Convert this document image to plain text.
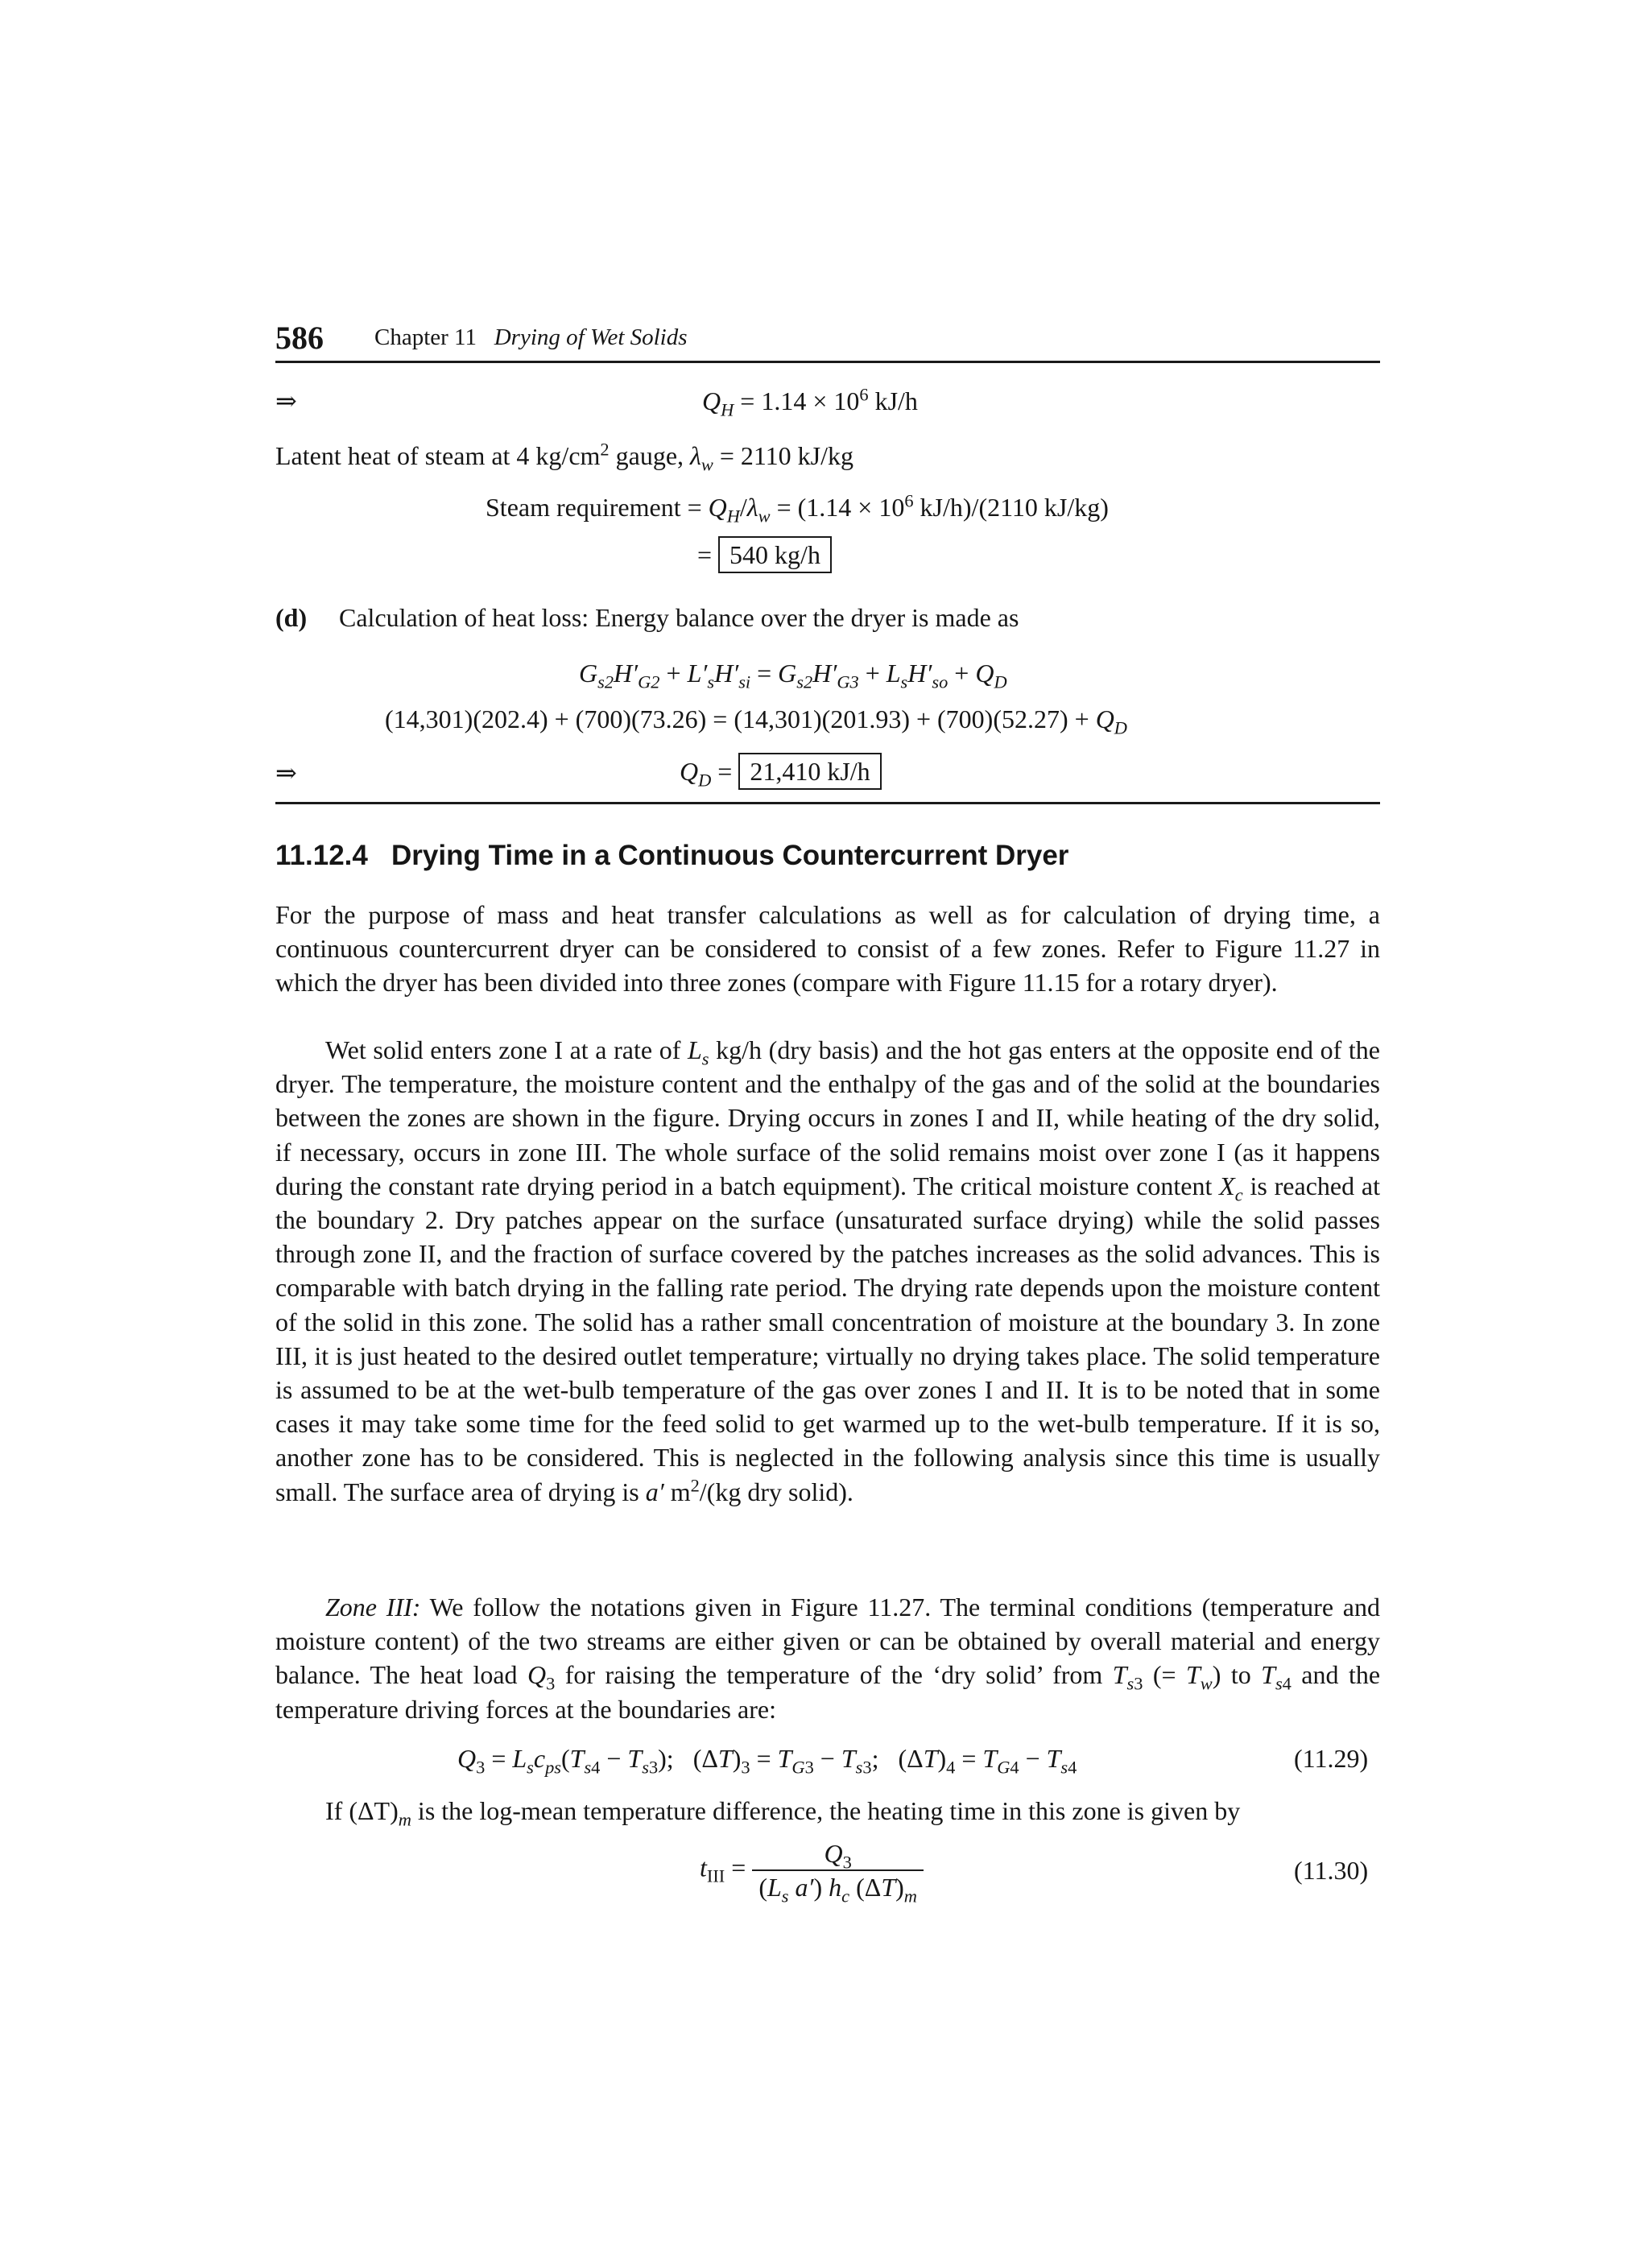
586 Chapter 11 Drying of Wet Solids
⇒	$Q_H = 1.14 \times 10^6$ kJ/h
Latent heat of steam at 4 $kg/cm^2$ gauge, $\lambda_w = 2110$ kJ/kg
Steam requirement = $Q_H/\lambda_w = (1.14 \times 10^6$ kJ/h)/(2110 kJ/kg)
= 540 kg/h
(d) Calculation of heat loss: Energy balance over the dryer is made as
$G_{s2}H'_{G2} + L'_sH'_{si} = G_{s2}H'_{G3} + L_sH'_{so} + Q_D$
$(14,301)(202.4) + (700)(73.26) = (14,301)(201.93) + (700)(52.27) + Q_D$
⇒	$Q_D = 21,410$ kJ/h
11.12.4 Drying Time in a Continuous Countercurrent Dryer

For the purpose of mass and heat transfer calculations as well as for calculation of drying time, a continuous countercurrent dryer can be considered to consist of a few zones. Refer to Figure 11.27 in which the dryer has been divided into three zones (compare with Figure 11.15 for a rotary dryer).

Wet solid enters zone I at a rate of $L_s$ kg/h (dry basis) and the hot gas enters at the opposite end of the dryer. The temperature, the moisture content and the enthalpy of the gas and of the solid at the boundaries between the zones are shown in the figure. Drying occurs in zones I and II, while heating of the dry solid, if necessary, occurs in zone III. The whole surface of the solid remains moist over zone I (as it happens during the constant rate drying period in a batch equipment). The critical moisture content $X_c$ is reached at the boundary 2. Dry patches appear on the surface (unsaturated surface drying) while the solid passes through zone II, and the fraction of surface covered by the patches increases as the solid advances. This is comparable with batch drying in the falling rate period. The drying rate depends upon the moisture content of the solid in this zone. The solid has a rather small concentration of moisture at the boundary 3. In zone III, it is just heated to the desired outlet temperature; virtually no drying takes place. The solid temperature is assumed to be at the wet-bulb temperature of the gas over zones I and II. It is to be noted that in some cases it may take some time for the feed solid to get warmed up to the wet-bulb temperature. If it is so, another zone has to be considered. This is neglected in the following analysis since this time is usually small. The surface area of drying is a′ $m^2/(kg$ dry solid).

Zone III: We follow the notations given in Figure 11.27. The terminal conditions (temperature and moisture content) of the two streams are either given or can be obtained by overall material and energy balance. The heat load $Q_3$ for raising the temperature of the ‘dry solid’ from $T_{s3}$ (= $T_w$) to $T_{s4}$ and the temperature driving forces at the boundaries are:

$Q_3 = L_sc_{ps}(T_{s4} - T_{s3})$;   $(\Delta T)_3 = T_{G3} - T_{s3}$;   $(\Delta T)_4 = T_{G4} - T_{s4}$	(11.29)
If $(\Delta T)_m$ is the log-mean temperature difference, the heating time in this zone is given by
$t_{III} = \frac{Q_3}{(L_s a') h_c (\Delta T)_m}$	(11.30)
